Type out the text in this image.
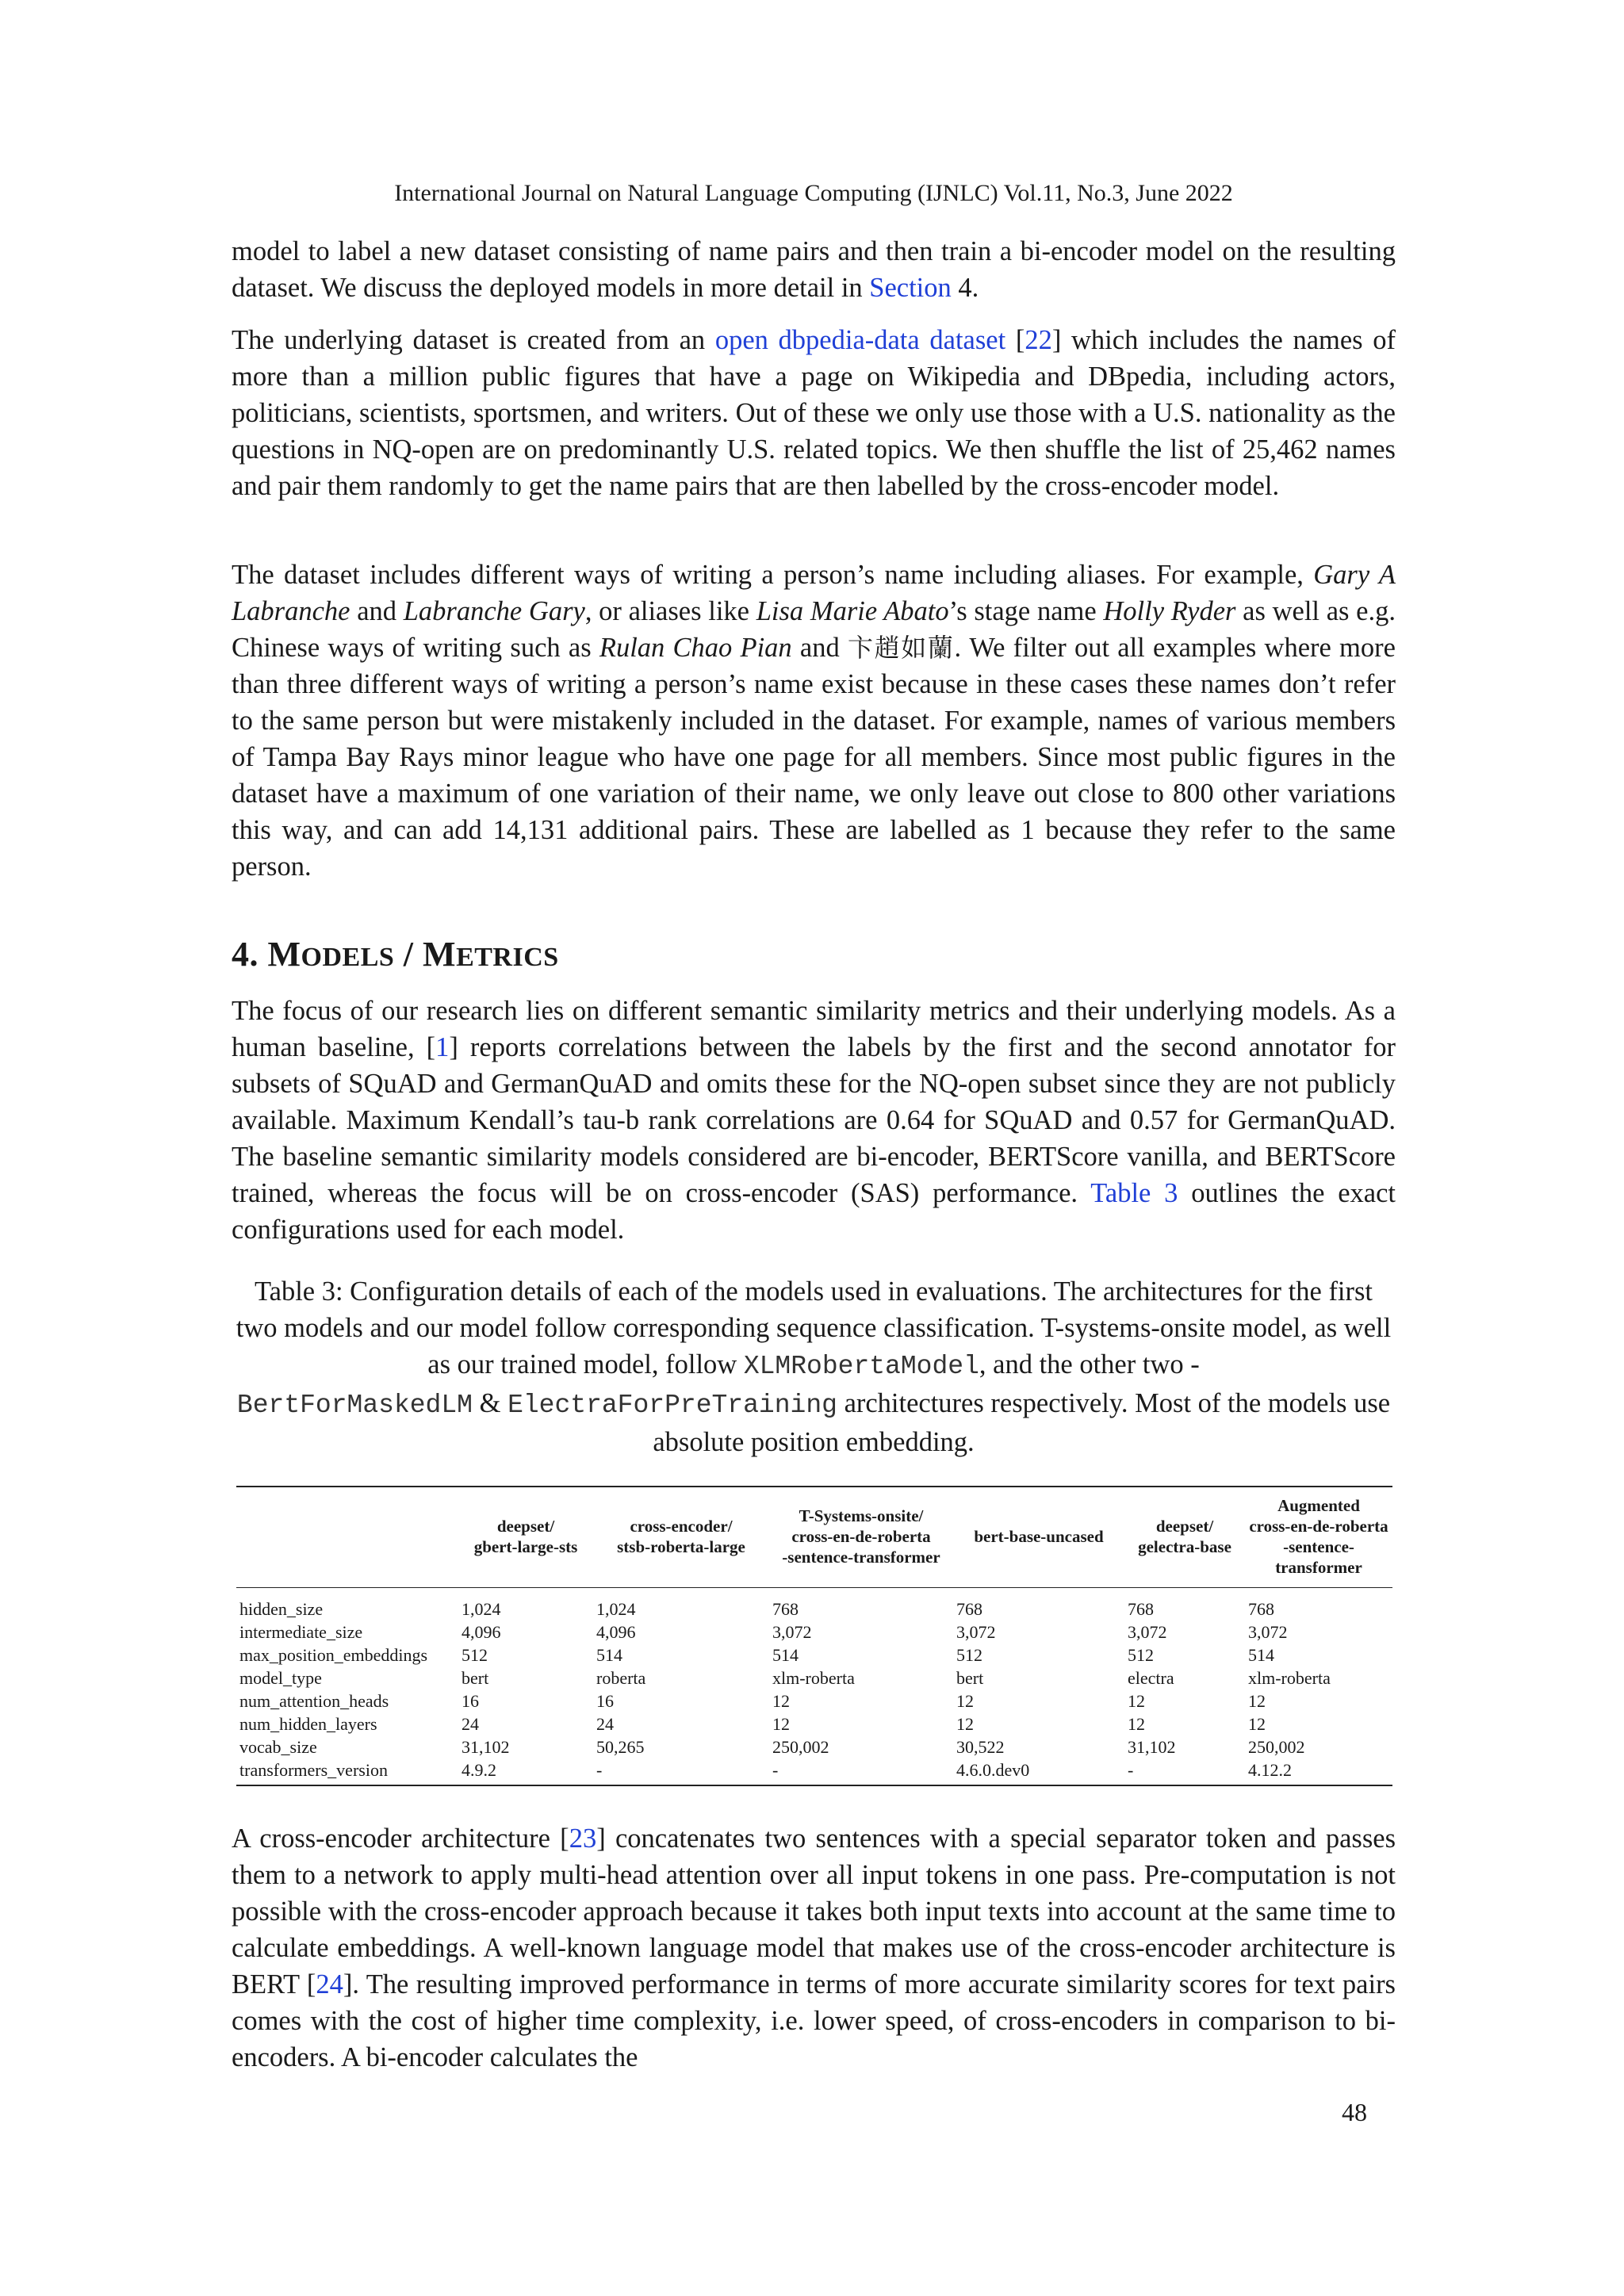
International Journal on Natural Language Computing (IJNLC) Vol.11, No.3, June 2022

model to label a new dataset consisting of name pairs and then train a bi-encoder model on the resulting dataset. We discuss the deployed models in more detail in Section 4.

The underlying dataset is created from an open dbpedia-data dataset [22] which includes the names of more than a million public figures that have a page on Wikipedia and DBpedia, including actors, politicians, scientists, sportsmen, and writers. Out of these we only use those with a U.S. nationality as the questions in NQ-open are on predominantly U.S. related topics. We then shuffle the list of 25,462 names and pair them randomly to get the name pairs that are then labelled by the cross-encoder model.

The dataset includes different ways of writing a person’s name including aliases. For example, Gary A Labranche and Labranche Gary, or aliases like Lisa Marie Abato’s stage name Holly Ryder as well as e.g. Chinese ways of writing such as Rulan Chao Pian and 卞趙如蘭. We filter out all examples where more than three different ways of writing a person’s name exist because in these cases these names don’t refer to the same person but were mistakenly included in the dataset. For example, names of various members of Tampa Bay Rays minor league who have one page for all members. Since most public figures in the dataset have a maximum of one variation of their name, we only leave out close to 800 other variations this way, and can add 14,131 additional pairs. These are labelled as 1 because they refer to the same person.

4. MODELS / METRICS

The focus of our research lies on different semantic similarity metrics and their underlying models. As a human baseline, [1] reports correlations between the labels by the first and the second annotator for subsets of SQuAD and GermanQuAD and omits these for the NQ-open subset since they are not publicly available. Maximum Kendall’s tau-b rank correlations are 0.64 for SQuAD and 0.57 for GermanQuAD. The baseline semantic similarity models considered are bi-encoder, BERTScore vanilla, and BERTScore trained, whereas the focus will be on cross-encoder (SAS) performance. Table 3 outlines the exact configurations used for each model.

Table 3: Configuration details of each of the models used in evaluations. The architectures for the first two models and our model follow corresponding sequence classification. T-systems-onsite model, as well as our trained model, follow XLMRobertaModel, and the other two -
BertForMaskedLM & ElectraForPreTraining architectures respectively. Most of the models use absolute position embedding.
	deepset/
gbert-large-sts	cross-encoder/
stsb-roberta-large	T-Systems-onsite/
cross-en-de-roberta
-sentence-transformer	bert-base-uncased	deepset/
gelectra-base	Augmented
cross-en-de-roberta
-sentence-transformer
hidden_size	1,024	1,024	768	768	768	768
intermediate_size	4,096	4,096	3,072	3,072	3,072	3,072
max_position_embeddings	512	514	514	512	512	514
model_type	bert	roberta	xlm-roberta	bert	electra	xlm-roberta
num_attention_heads	16	16	12	12	12	12
num_hidden_layers	24	24	12	12	12	12
vocab_size	31,102	50,265	250,002	30,522	31,102	250,002
transformers_version	4.9.2	-	-	4.6.0.dev0	-	4.12.2

A cross-encoder architecture [23] concatenates two sentences with a special separator token and passes them to a network to apply multi-head attention over all input tokens in one pass. Pre-computation is not possible with the cross-encoder approach because it takes both input texts into account at the same time to calculate embeddings. A well-known language model that makes use of the cross-encoder architecture is BERT [24]. The resulting improved performance in terms of more accurate similarity scores for text pairs comes with the cost of higher time complexity, i.e. lower speed, of cross-encoders in comparison to bi-encoders. A bi-encoder calculates the

48
